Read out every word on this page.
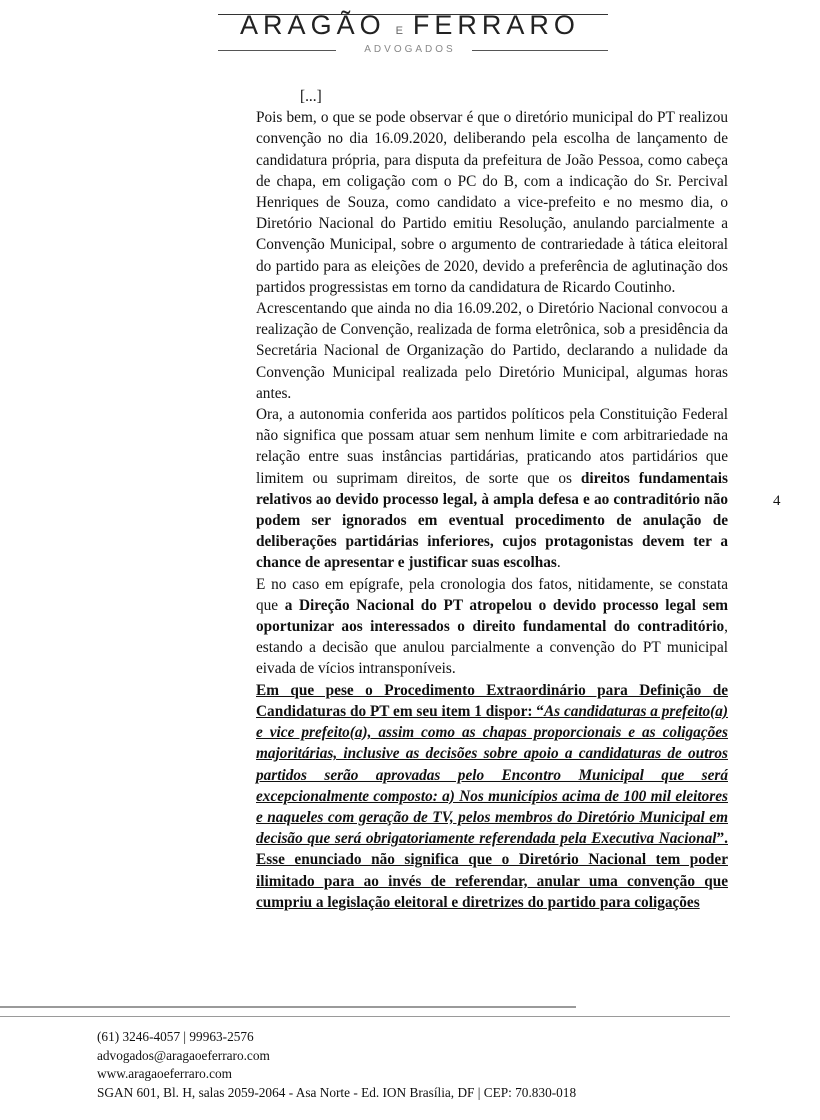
ARAGÃO E FERRARO
ADVOGADOS

[...]

Pois bem, o que se pode observar é que o diretório municipal do PT realizou convenção no dia 16.09.2020, deliberando pela escolha de lançamento de candidatura própria, para disputa da prefeitura de João Pessoa, como cabeça de chapa, em coligação com o PC do B, com a indicação do Sr. Percival Henriques de Souza, como candidato a vice-prefeito e no mesmo dia, o Diretório Nacional do Partido emitiu Resolução, anulando parcialmente a Convenção Municipal, sobre o argumento de contrariedade à tática eleitoral do partido para as eleições de 2020, devido a preferência de aglutinação dos partidos progressistas em torno da candidatura de Ricardo Coutinho.

Acrescentando que ainda no dia 16.09.202, o Diretório Nacional convocou a realização de Convenção, realizada de forma eletrônica, sob a presidência da Secretária Nacional de Organização do Partido, declarando a nulidade da Convenção Municipal realizada pelo Diretório Municipal, algumas horas antes.

Ora, a autonomia conferida aos partidos políticos pela Constituição Federal não significa que possam atuar sem nenhum limite e com arbitrariedade na relação entre suas instâncias partidárias, praticando atos partidários que limitem ou suprimam direitos, de sorte que os direitos fundamentais relativos ao devido processo legal, à ampla defesa e ao contraditório não podem ser ignorados em eventual procedimento de anulação de deliberações partidárias inferiores, cujos protagonistas devem ter a chance de apresentar e justificar suas escolhas.

E no caso em epígrafe, pela cronologia dos fatos, nitidamente, se constata que a Direção Nacional do PT atropelou o devido processo legal sem oportunizar aos interessados o direito fundamental do contraditório, estando a decisão que anulou parcialmente a convenção do PT municipal eivada de vícios intransponíveis.

Em que pese o Procedimento Extraordinário para Definição de Candidaturas do PT em seu item 1 dispor: “As candidaturas a prefeito(a) e vice prefeito(a), assim como as chapas proporcionais e as coligações majoritárias, inclusive as decisões sobre apoio a candidaturas de outros partidos serão aprovadas pelo Encontro Municipal que será excepcionalmente composto: a) Nos municípios acima de 100 mil eleitores e naqueles com geração de TV, pelos membros do Diretório Municipal em decisão que será obrigatoriamente referendada pela Executiva Nacional”. Esse enunciado não significa que o Diretório Nacional tem poder ilimitado para ao invés de referendar, anular uma convenção que cumpriu a legislação eleitoral e diretrizes do partido para coligações

4
(61) 3246-4057 | 99963-2576
advogados@aragaoeferraro.com
www.aragaoeferraro.com
SGAN 601, Bl. H, salas 2059-2064 - Asa Norte - Ed. ION Brasília, DF | CEP: 70.830-018
